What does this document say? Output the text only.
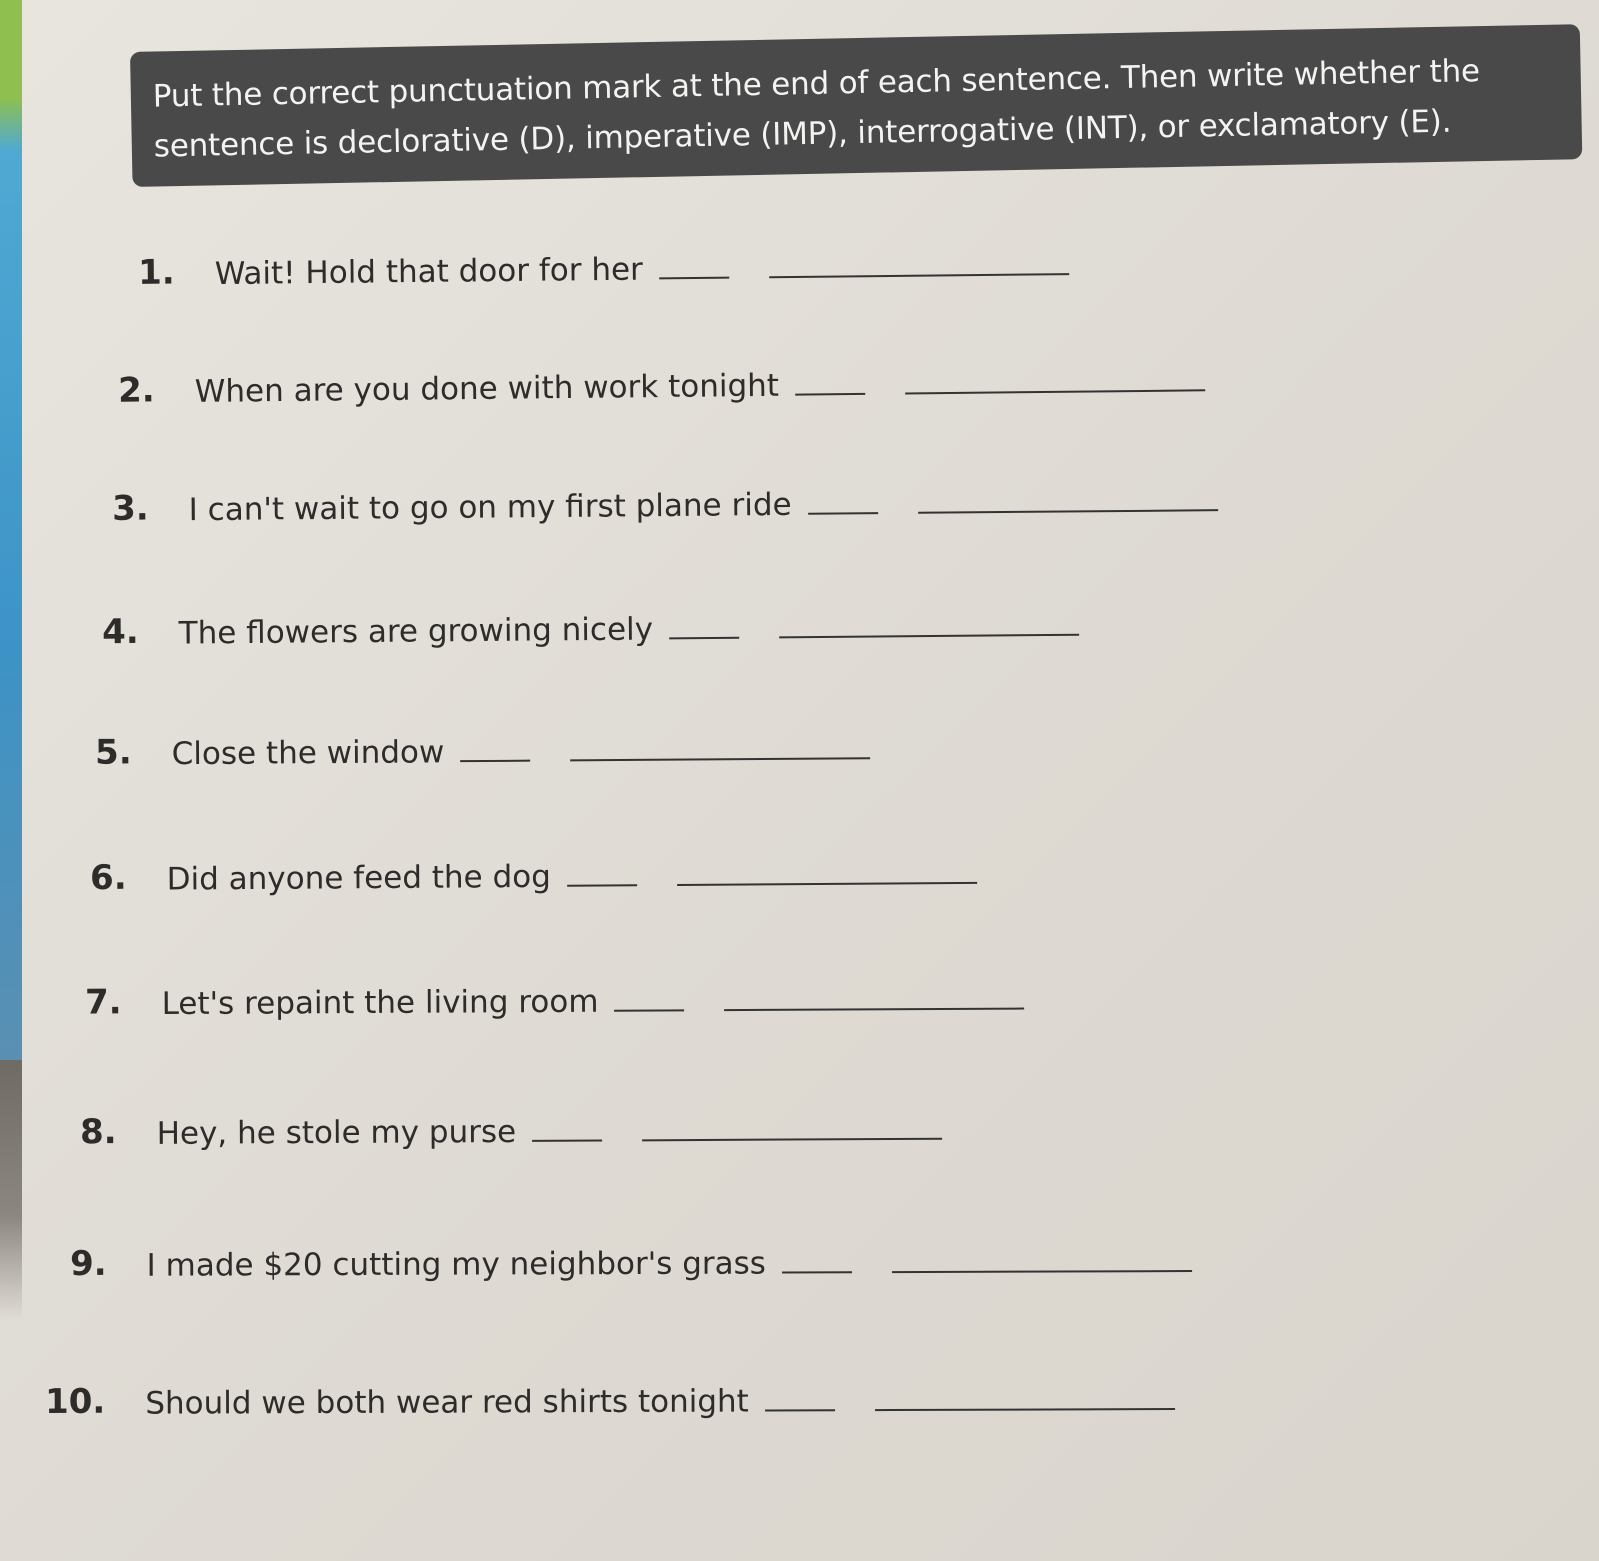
Put the correct punctuation mark at the end of each sentence. Then write whether the sentence is declorative (D), imperative (IMP), interrogative (INT), or exclamatory (E).
1. Wait! Hold that door for her
2. When are you done with work tonight
3. I can't wait to go on my first plane ride
4. The flowers are growing nicely
5. Close the window
6. Did anyone feed the dog
7. Let's repaint the living room
8. Hey, he stole my purse
9. I made $20 cutting my neighbor's grass
10. Should we both wear red shirts tonight
